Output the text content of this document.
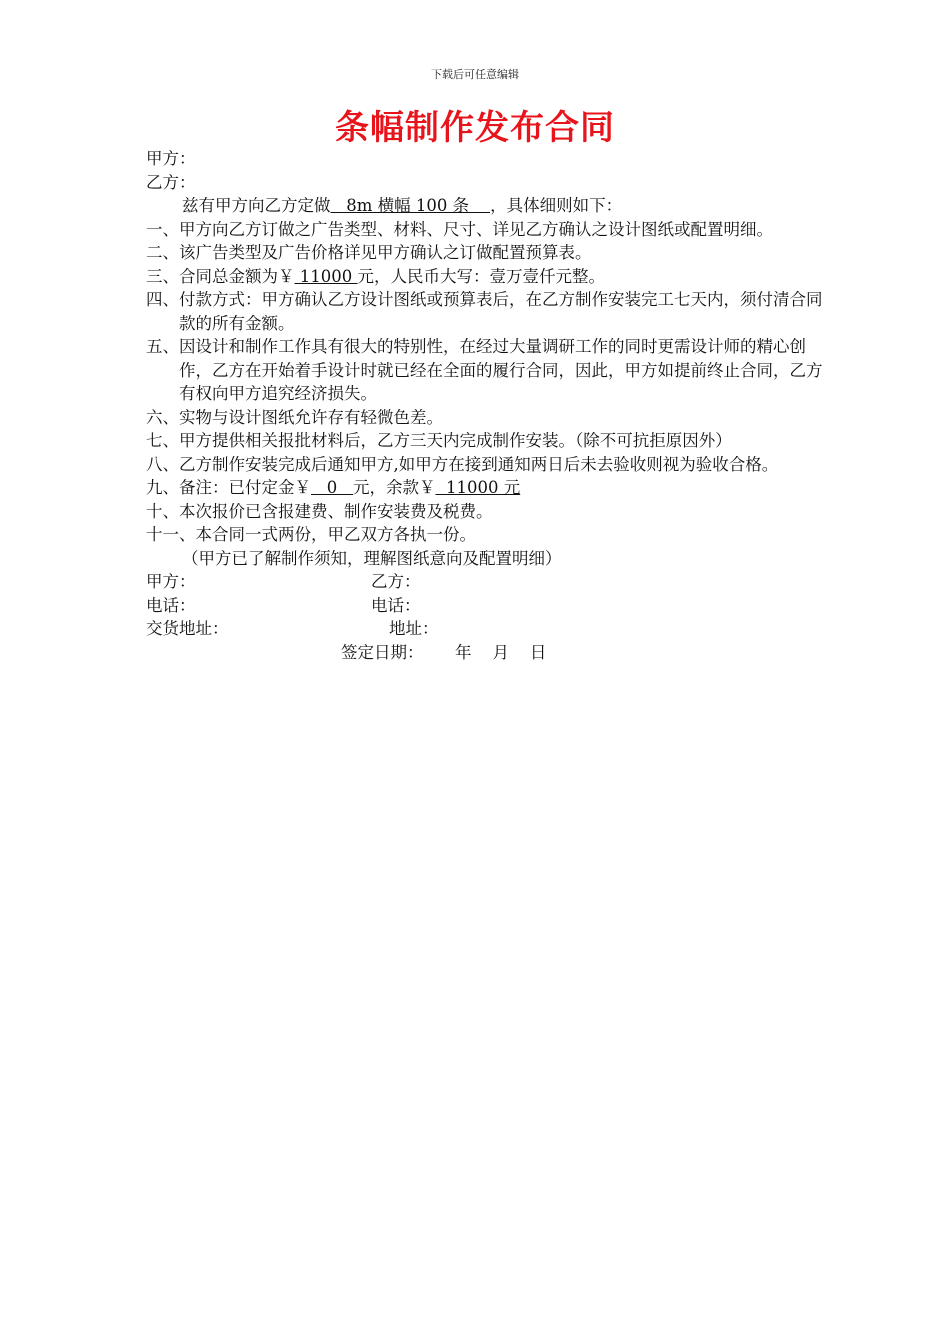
下载后可任意编辑
条幅制作发布合同
甲方：
乙方：
兹有甲方向乙方定做   8m 横幅 100 条    ，具体细则如下：
一、 甲方向乙方订做之广告类型、材料、尺寸、详见乙方确认之设计图纸或配置明细。
二、 该广告类型及广告价格详见甲方确认之订做配置预算表。
三、 合同总金额为￥ 11000 元，人民币大写：壹万壹仟元整。
四、 付款方式：甲方确认乙方设计图纸或预算表后，在乙方制作安装完工七天内，须付清合同款的所有金额。
五、 因设计和制作工作具有很大的特别性，在经过大量调研工作的同时更需设计师的精心创作，乙方在开始着手设计时就已经在全面的履行合同，因此，甲方如提前终止合同，乙方有权向甲方追究经济损失。
六、实物与设计图纸允许存有轻微色差。
七、甲方提供相关报批材料后，乙方三天内完成制作安装。（除不可抗拒原因外）
八、乙方制作安装完成后通知甲方,如甲方在接到通知两日后未去验收则视为验收合格。
九、备注：已付定金￥   0   元，余款￥  11000 元
十、本次报价已含报建费、制作安装费及税费。
十一、本合同一式两份，甲乙双方各执一份。
（甲方已了解制作须知，理解图纸意向及配置明细）
甲方：	乙方：
电话：	电话：
交货地址：	地址：
签定日期：      年    月    日
